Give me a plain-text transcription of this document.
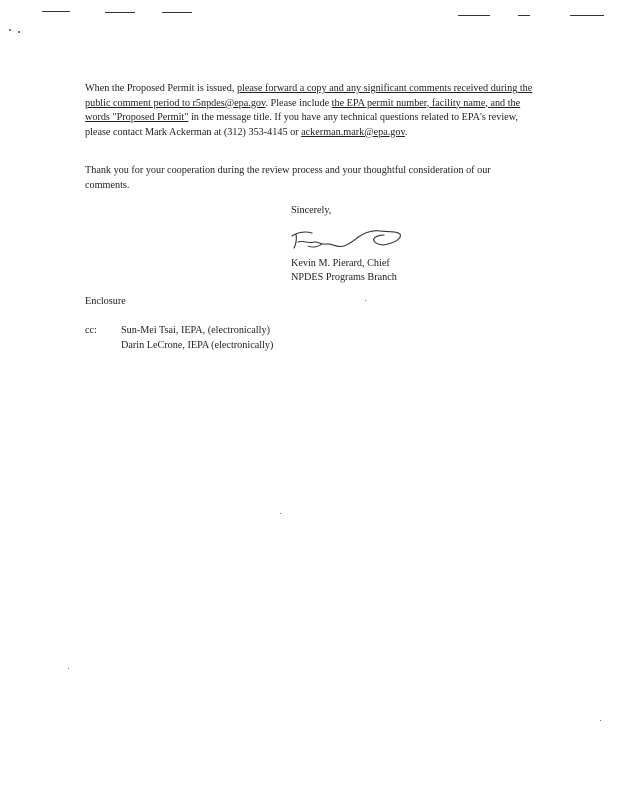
When the Proposed Permit is issued, please forward a copy and any significant comments received during the public comment period to r5npdes@epa.gov. Please include the EPA permit number, facility name, and the words "Proposed Permit" in the message title. If you have any technical questions related to EPA's review, please contact Mark Ackerman at (312) 353-4145 or ackerman.mark@epa.gov.

Thank you for your cooperation during the review process and your thoughtful consideration of our comments.

Sincerely,
Kevin M. Pierard, Chief
NPDES Programs Branch
Enclosure
cc: Sun-Mei Tsai, IEPA, (electronically)
Darin LeCrone, IEPA (electronically)
